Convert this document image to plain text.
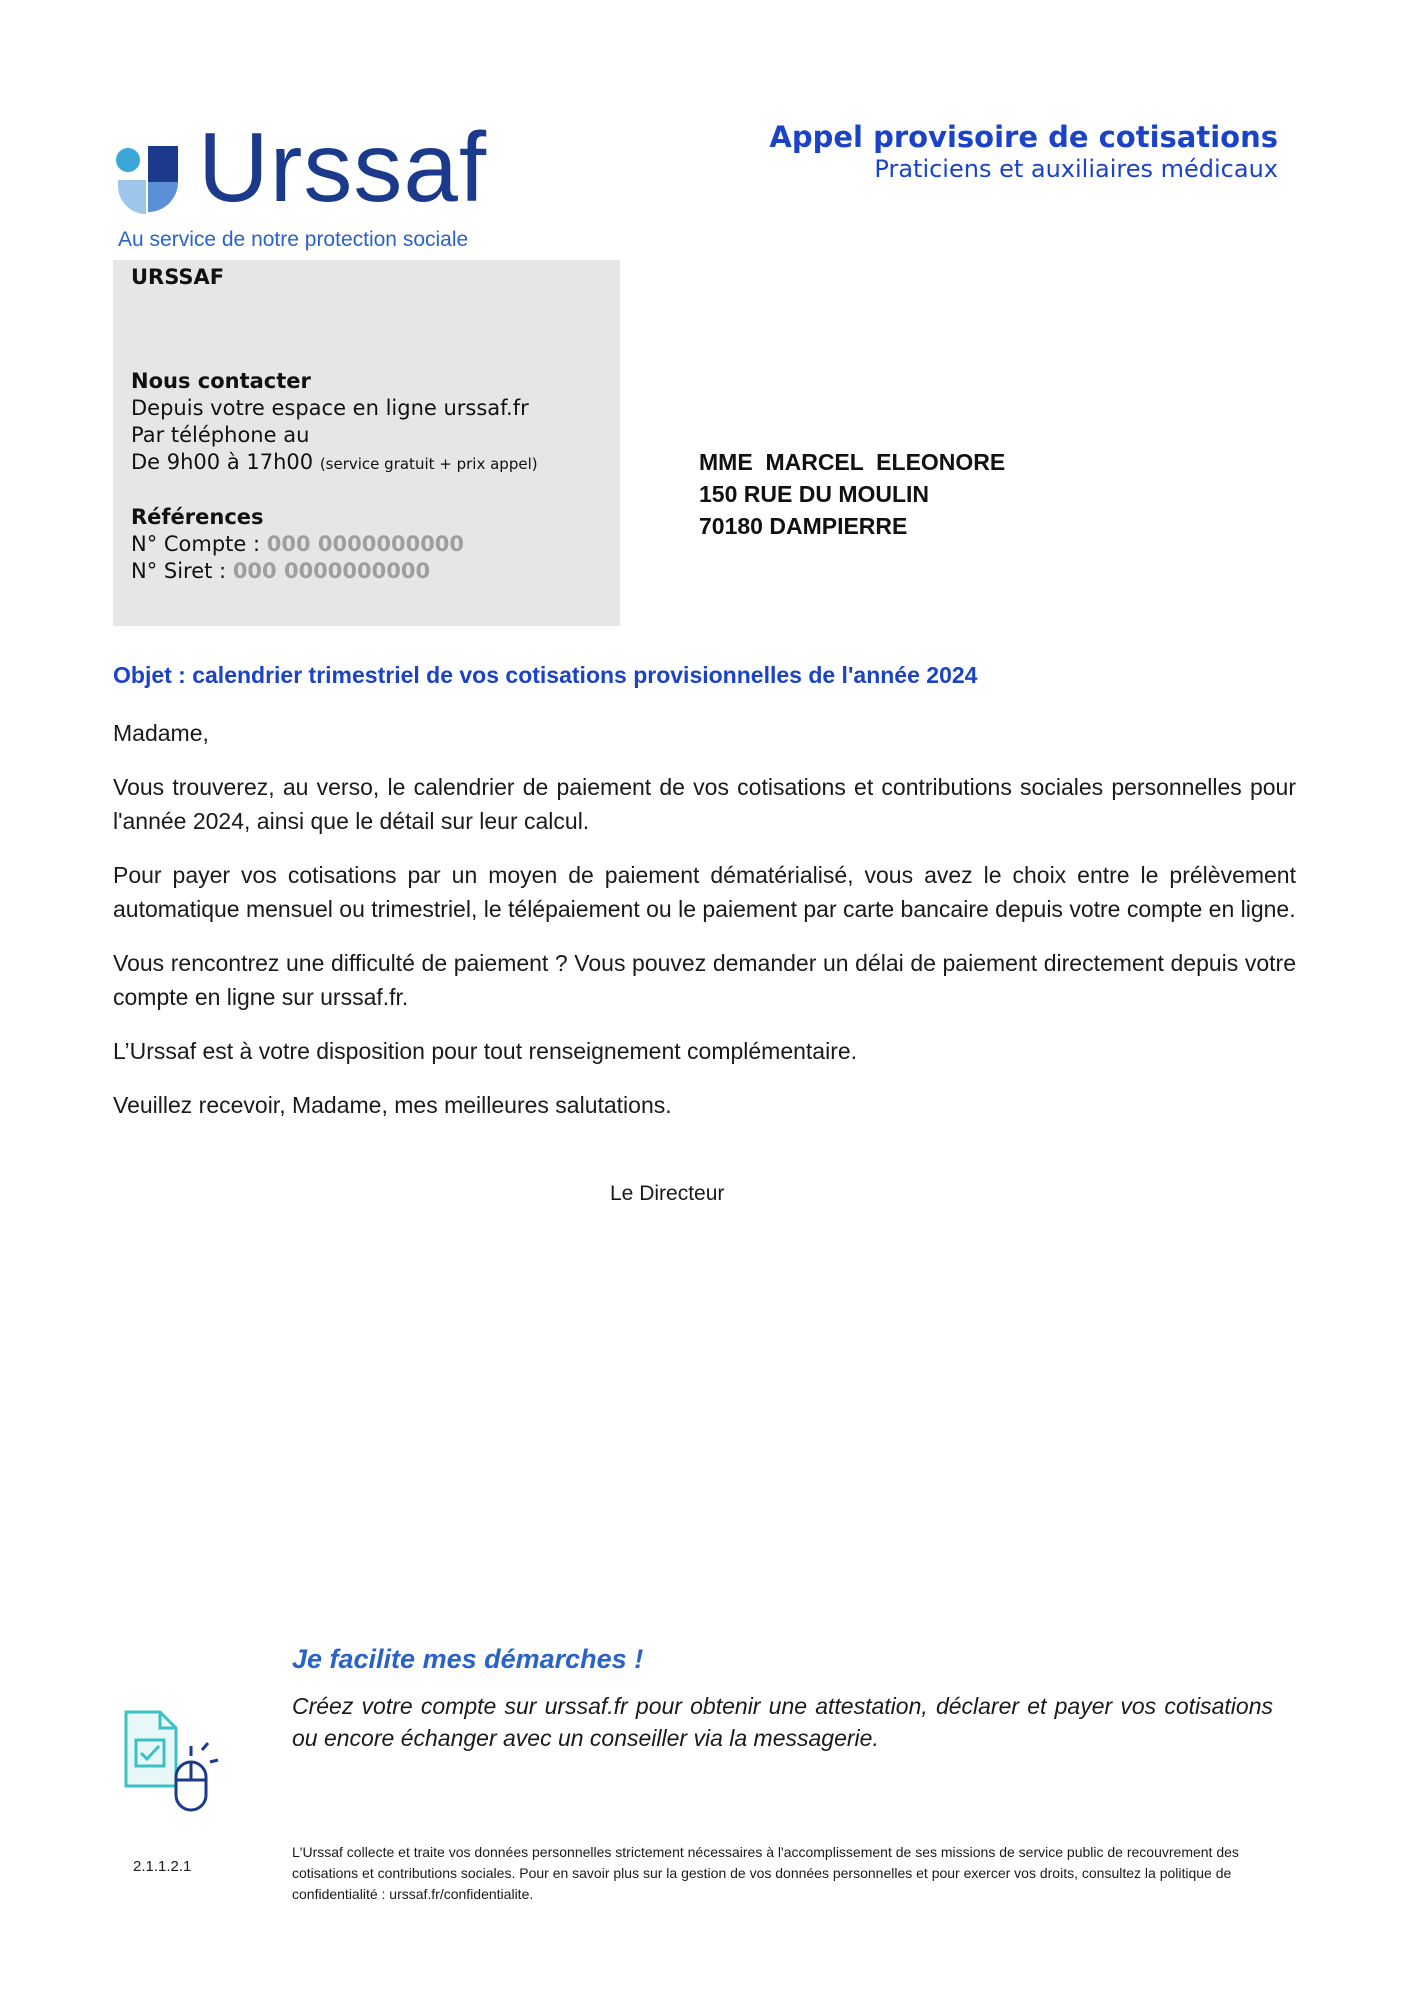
Urssaf
Au service de notre protection sociale
Appel provisoire de cotisations
Praticiens et auxiliaires médicaux
URSSAF
Nous contacter
Depuis votre espace en ligne urssaf.fr
Par téléphone au
De 9h00 à 17h00 (service gratuit + prix appel)
Références
N° Compte : 000 0000000000
N° Siret : 000 0000000000
MME  MARCEL  ELEONORE
150 RUE DU MOULIN
70180 DAMPIERRE
Objet : calendrier trimestriel de vos cotisations provisionnelles de l'année 2024

Madame,

Vous trouverez, au verso, le calendrier de paiement de vos cotisations et contributions sociales personnelles pour l'année 2024, ainsi que le détail sur leur calcul.

Pour payer vos cotisations par un moyen de paiement dématérialisé, vous avez le choix entre le prélèvement automatique mensuel ou trimestriel, le télépaiement ou le paiement par carte bancaire depuis votre compte en ligne.

Vous rencontrez une difficulté de paiement ? Vous pouvez demander un délai de paiement directement depuis votre compte en ligne sur urssaf.fr.

L’Urssaf est à votre disposition pour tout renseignement complémentaire.

Veuillez recevoir, Madame, mes meilleures salutations.

Le Directeur
Je facilite mes démarches !
Créez votre compte sur urssaf.fr pour obtenir une attestation, déclarer et payer vos cotisations ou encore échanger avec un conseiller via la messagerie.
2.1.1.2.1
L'Urssaf collecte et traite vos données personnelles strictement nécessaires à l'accomplissement de ses missions de service public de recouvrement des cotisations et contributions sociales. Pour en savoir plus sur la gestion de vos données personnelles et pour exercer vos droits, consultez la politique de confidentialité : urssaf.fr/confidentialite.
